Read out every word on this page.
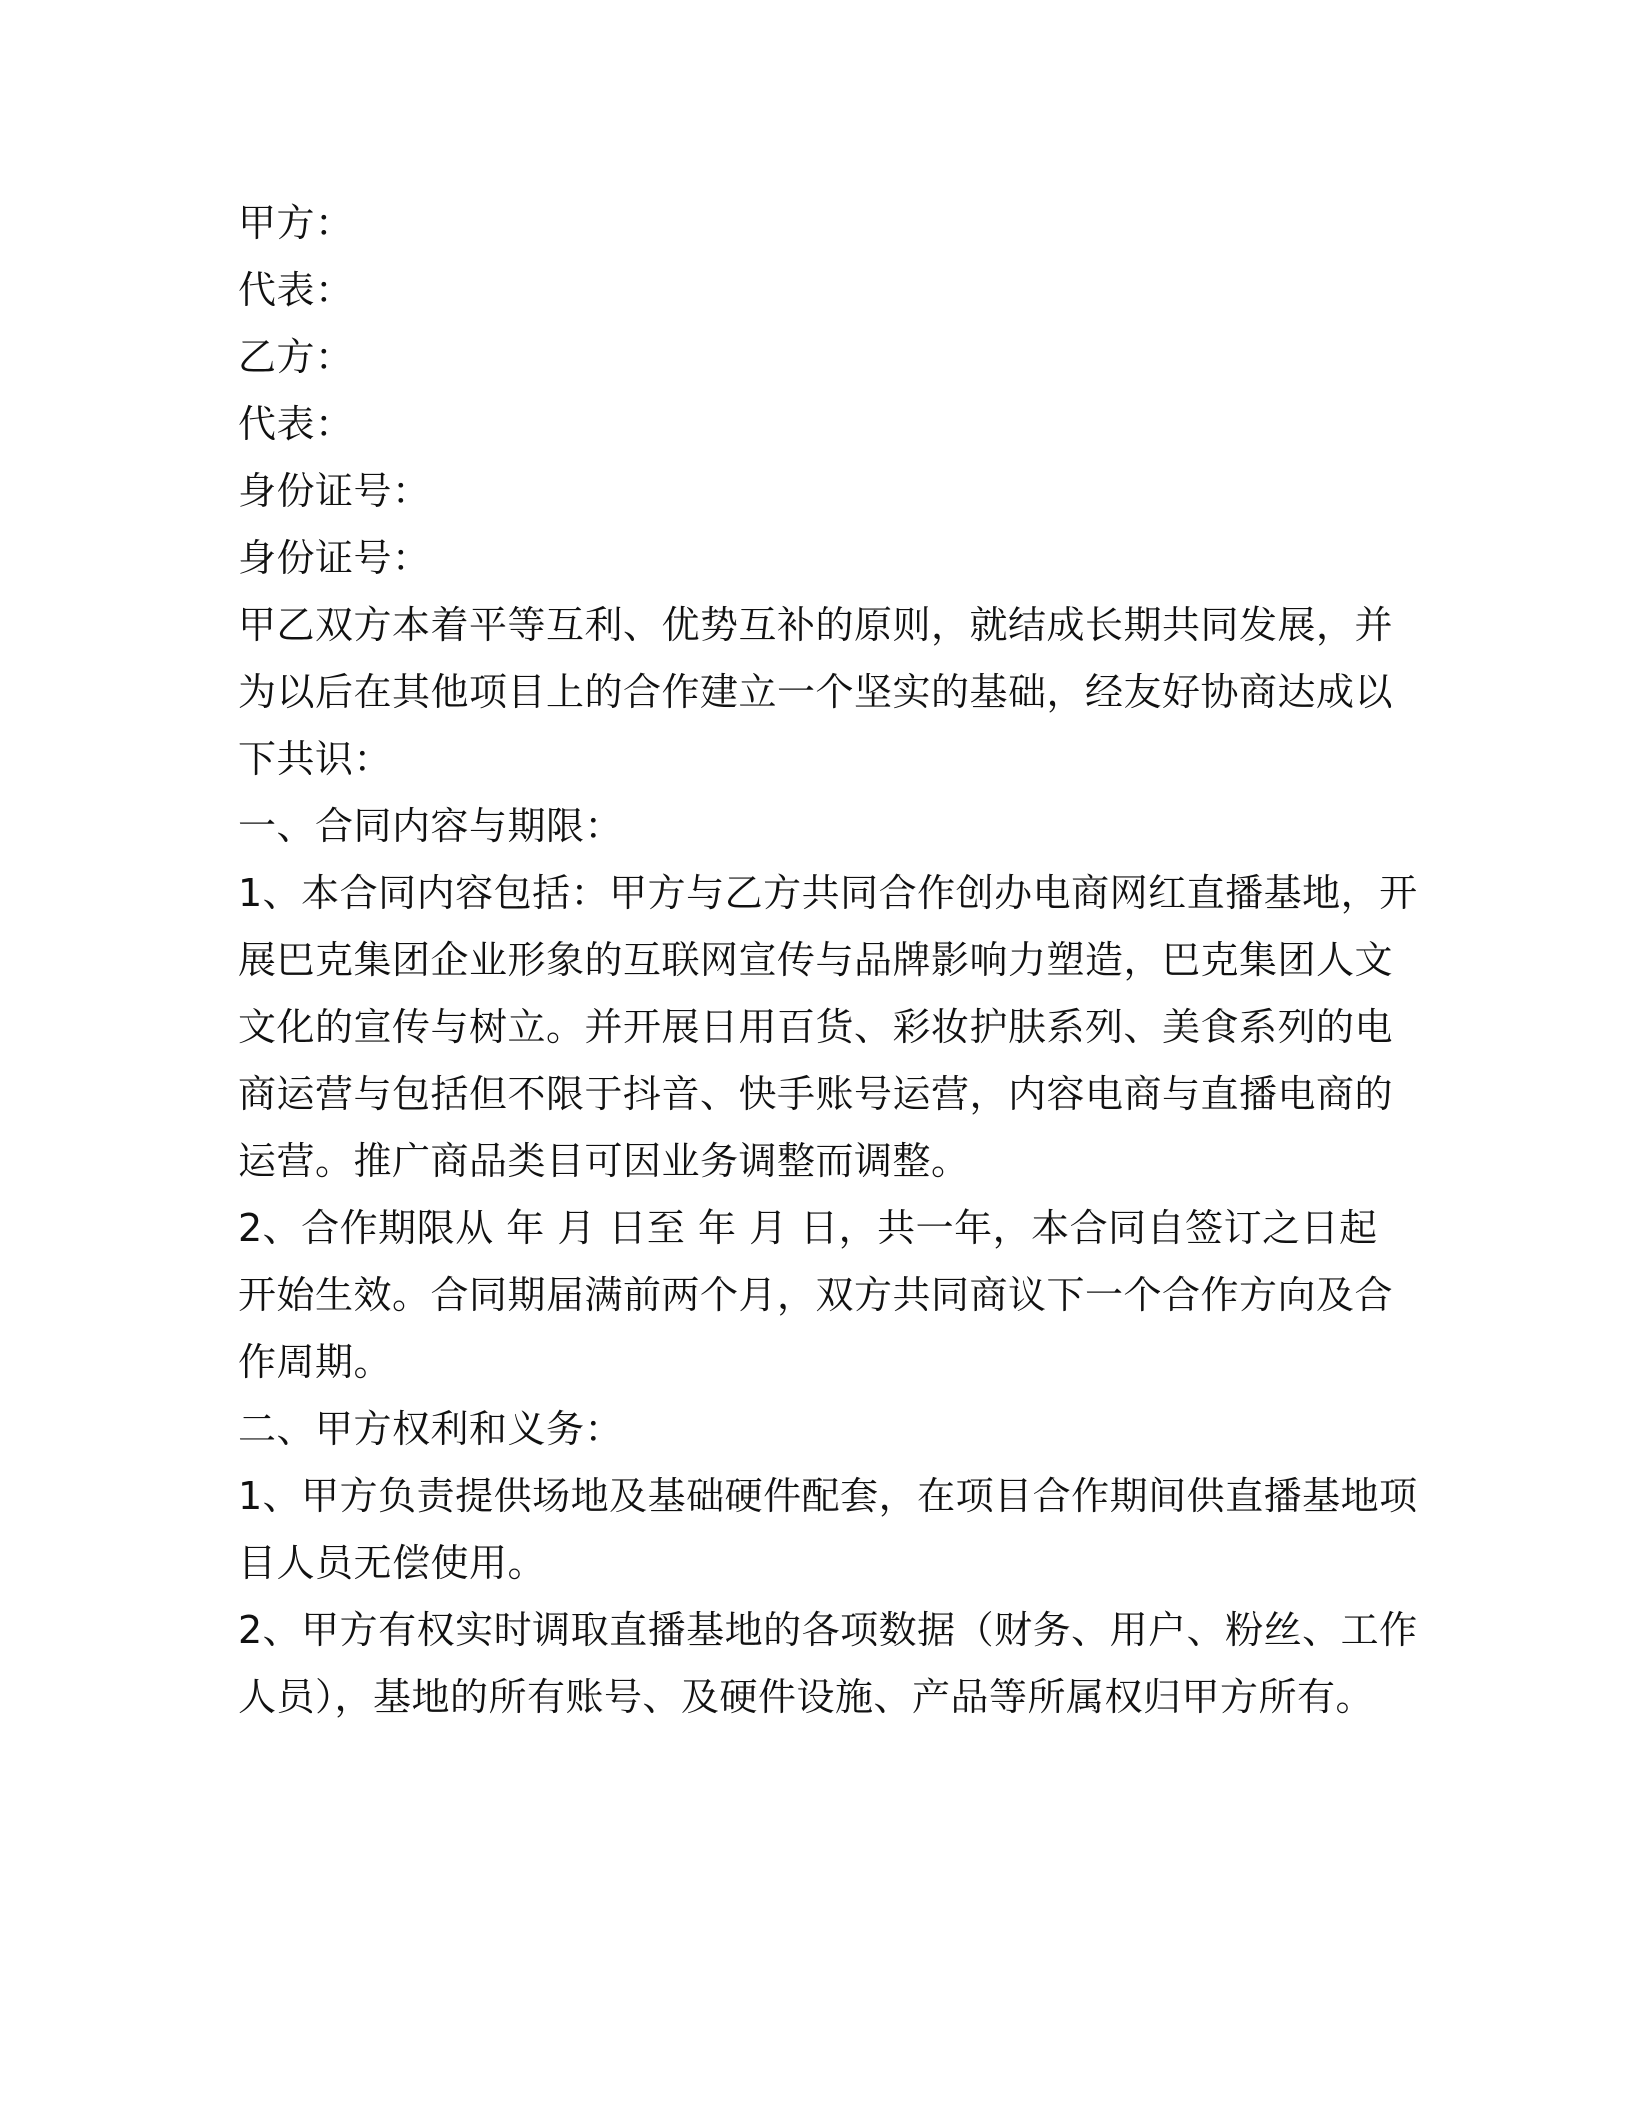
甲方：

代表：

乙方：

代表：

身份证号：

身份证号：

甲乙双方本着平等互利、优势互补的原则，就结成长期共同发展，并
为以后在其他项目上的合作建立一个坚实的基础，经友好协商达成以
下共识：

一、合同内容与期限：

1、本合同内容包括：甲方与乙方共同合作创办电商网红直播基地，开
展巴克集团企业形象的互联网宣传与品牌影响力塑造，巴克集团人文
文化的宣传与树立。并开展日用百货、彩妆护肤系列、美食系列的电
商运营与包括但不限于抖音、快手账号运营，内容电商与直播电商的
运营。推广商品类目可因业务调整而调整。
2、合作期限从 年 月 日至 年 月 日，共一年，本合同自签订之日起
开始生效。合同期届满前两个月，双方共同商议下一个合作方向及合
作周期。

二、甲方权利和义务：

1、甲方负责提供场地及基础硬件配套，在项目合作期间供直播基地项
目人员无偿使用。
2、甲方有权实时调取直播基地的各项数据（财务、用户、粉丝、工作
人员），基地的所有账号、及硬件设施、产品等所属权归甲方所有。
